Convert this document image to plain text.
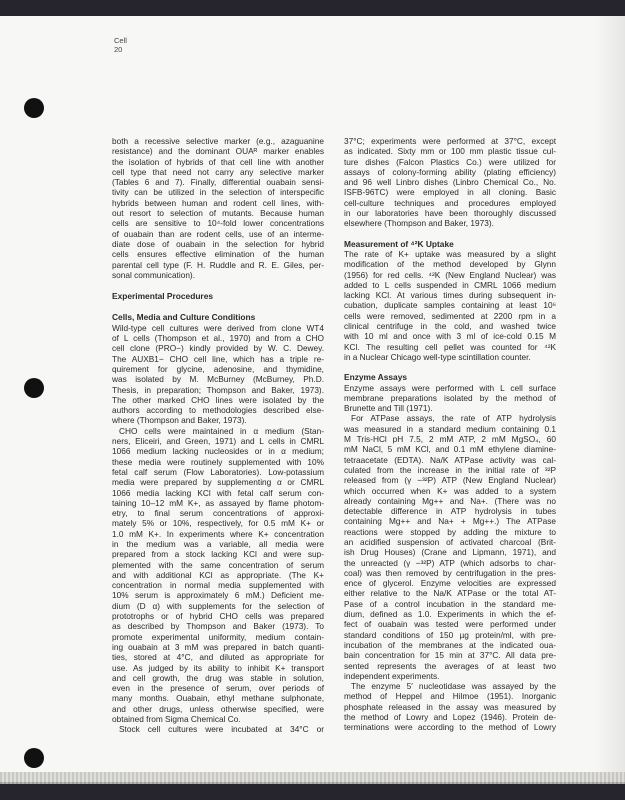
Cell
20
both a recessive selective marker (e.g., azaguanine
resistance) and the dominant OUAᴿ marker enables
the isolation of hybrids of that cell line with another
cell type that need not carry any selective marker
(Tables 6 and 7). Finally, differential ouabain sensi-
tivity can be utilized in the selection of interspecific
hybrids between human and rodent cell lines, with-
out resort to selection of mutants. Because human
cells are sensitive to 10⁴-fold lower concentrations
of ouabain than are rodent cells, use of an interme-
diate dose of ouabain in the selection for hybrid
cells ensures effective elimination of the human
parental cell type (F. H. Ruddle and R. E. Giles, per-
sonal communication).
Experimental Procedures
Cells, Media and Culture Conditions
Wild-type cell cultures were derived from clone WT4
of L cells (Thompson et al., 1970) and from a CHO
cell clone (PRO−) kindly provided by W. C. Dewey.
The AUXB1− CHO cell line, which has a triple re-
quirement for glycine, adenosine, and thymidine,
was isolated by M. McBurney (McBurney, Ph.D.
Thesis, in preparation; Thompson and Baker, 1973).
The other marked CHO lines were isolated by the
authors according to methodologies described else-
where (Thompson and Baker, 1973).
CHO cells were maintained in α medium (Stan-
ners, Eliceiri, and Green, 1971) and L cells in CMRL
1066 medium lacking nucleosides or in α medium;
these media were routinely supplemented with 10%
fetal calf serum (Flow Laboratories). Low-potassium
media were prepared by supplementing α or CMRL
1066 media lacking KCl with fetal calf serum con-
taining 10–12 mM K+, as assayed by flame photom-
etry, to final serum concentrations of approxi-
mately 5% or 10%, respectively, for 0.5 mM K+ or
1.0 mM K+. In experiments where K+ concentration
in the medium was a variable, all media were
prepared from a stock lacking KCl and were sup-
plemented with the same concentration of serum
and with additional KCl as appropriate. (The K+
concentration in normal media supplemented with
10% serum is approximately 6 mM.) Deficient me-
dium (D α) with supplements for the selection of
prototrophs or of hybrid CHO cells was prepared
as described by Thompson and Baker (1973). To
promote experimental uniformity, medium contain-
ing ouabain at 3 mM was prepared in batch quanti-
ties, stored at 4°C, and diluted as appropriate for
use. As judged by its ability to inhibit K+ transport
and cell growth, the drug was stable in solution,
even in the presence of serum, over periods of
many months. Ouabain, ethyl methane sulphonate,
and other drugs, unless otherwise specified, were
obtained from Sigma Chemical Co.
Stock cell cultures were incubated at 34°C or
37°C; experiments were performed at 37°C, except
as indicated. Sixty mm or 100 mm plastic tissue cul-
ture dishes (Falcon Plastics Co.) were utilized for
assays of colony-forming ability (plating efficiency)
and 96 well Linbro dishes (Linbro Chemical Co., No.
ISFB-96TC) were employed in all cloning. Basic
cell-culture techniques and procedures employed
in our laboratories have been thoroughly discussed
elsewhere (Thompson and Baker, 1973).
Measurement of ⁴²K Uptake
The rate of K+ uptake was measured by a slight
modification of the method developed by Glynn
(1956) for red cells. ⁴²K (New England Nuclear) was
added to L cells suspended in CMRL 1066 medium
lacking KCl. At various times during subsequent in-
cubation, duplicate samples containing at least 10⁶
cells were removed, sedimented at 2200 rpm in a
clinical centrifuge in the cold, and washed twice
with 10 ml and once with 3 ml of ice-cold 0.15 M
KCl. The resulting cell pellet was counted for ⁴²K
in a Nuclear Chicago well-type scintillation counter.
Enzyme Assays
Enzyme assays were performed with L cell surface
membrane preparations isolated by the method of
Brunette and Till (1971).
For ATPase assays, the rate of ATP hydrolysis
was measured in a standard medium containing 0.1
M Tris-HCl pH 7.5, 2 mM ATP, 2 mM MgSO₄, 60
mM NaCl, 5 mM KCl, and 0.1 mM ethylene diamine-
tetraacetate (EDTA). Na/K ATPase activity was cal-
culated from the increase in the initial rate of ³²P
released from (γ −³²P) ATP (New England Nuclear)
which occurred when K+ was added to a system
already containing Mg++ and Na+. (There was no
detectable difference in ATP hydrolysis in tubes
containing Mg++ and Na+ + Mg++.) The ATPase
reactions were stopped by adding the mixture to
an acidified suspension of activated charcoal (Brit-
ish Drug Houses) (Crane and Lipmann, 1971), and
the unreacted (γ −³²P) ATP (which adsorbs to char-
coal) was then removed by centrifugation in the pres-
ence of glycerol. Enzyme velocities are expressed
either relative to the Na/K ATPase or the total AT-
Pase of a control incubation in the standard me-
dium, defined as 1.0. Experiments in which the ef-
fect of ouabain was tested were performed under
standard conditions of 150 µg protein/ml, with pre-
incubation of the membranes at the indicated oua-
bain concentration for 15 min at 37°C. All data pre-
sented represents the averages of at least two
independent experiments.
The enzyme 5′ nucleotidase was assayed by the
method of Heppel and Hilmoe (1951). Inorganic
phosphate released in the assay was measured by
the method of Lowry and Lopez (1946). Protein de-
terminations were according to the method of Lowry
